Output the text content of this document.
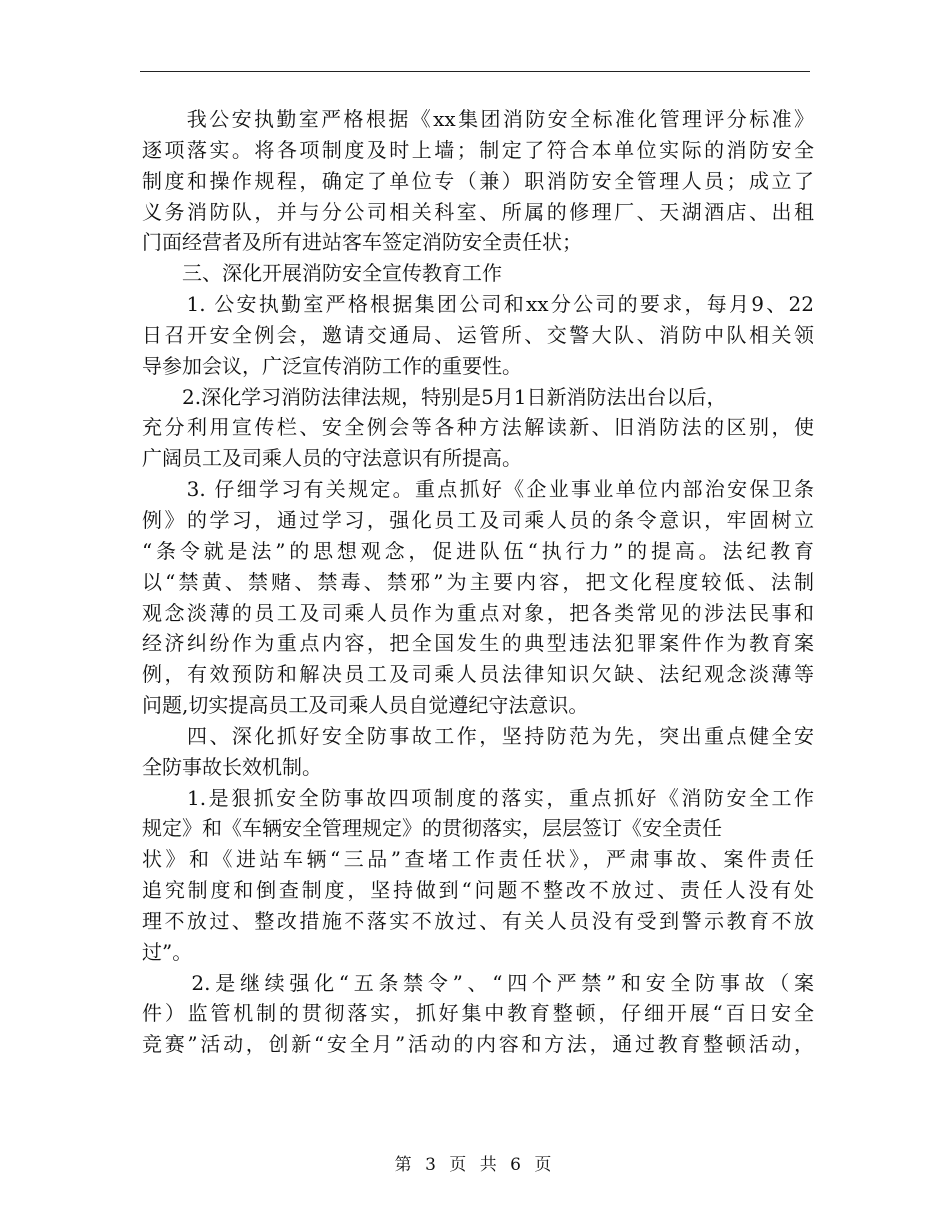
　　我公安执勤室严格根据《xx集团消防安全标准化管理评分标准》
逐项落实。将各项制度及时上墙；制定了符合本单位实际的消防安全
制度和操作规程，确定了单位专（兼）职消防安全管理人员；成立了
义务消防队，并与分公司相关科室、所属的修理厂、天湖酒店、出租
门面经营者及所有进站客车签定消防安全责任状；
　　三、深化开展消防安全宣传教育工作
　　1. 公安执勤室严格根据集团公司和xx分公司的要求，每月9、22
日召开安全例会，邀请交通局、运管所、交警大队、消防中队相关领
导参加会议，广泛宣传消防工作的重要性。
　　2.深化学习消防法律法规，特别是5月1日新消防法出台以后，
充分利用宣传栏、安全例会等各种方法解读新、旧消防法的区别，使
广阔员工及司乘人员的守法意识有所提高。
　　3. 仔细学习有关规定。重点抓好《企业事业单位内部治安保卫条
例》的学习，通过学习，强化员工及司乘人员的条令意识，牢固树立
“条令就是法”的思想观念，促进队伍“执行力”的提高。法纪教育
以“禁黄、禁赌、禁毒、禁邪”为主要内容，把文化程度较低、法制
观念淡薄的员工及司乘人员作为重点对象，把各类常见的涉法民事和
经济纠纷作为重点内容，把全国发生的典型违法犯罪案件作为教育案
例，有效预防和解决员工及司乘人员法律知识欠缺、法纪观念淡薄等
问题,切实提高员工及司乘人员自觉遵纪守法意识。
　　四、深化抓好安全防事故工作，坚持防范为先，突出重点健全安
全防事故长效机制。
　　1.是狠抓安全防事故四项制度的落实，重点抓好《消防安全工作
规定》和《车辆安全管理规定》的贯彻落实，层层签订《安全责任
状》和《进站车辆“三品”查堵工作责任状》，严肃事故、案件责任
追究制度和倒查制度，坚持做到“问题不整改不放过、责任人没有处
理不放过、整改措施不落实不放过、有关人员没有受到警示教育不放
过”。
　　2.是继续强化“五条禁令”、“四个严禁”和安全防事故（案
件）监管机制的贯彻落实，抓好集中教育整顿，仔细开展“百日安全
竞赛”活动，创新“安全月”活动的内容和方法，通过教育整顿活动，
第 3 页 共 6 页
